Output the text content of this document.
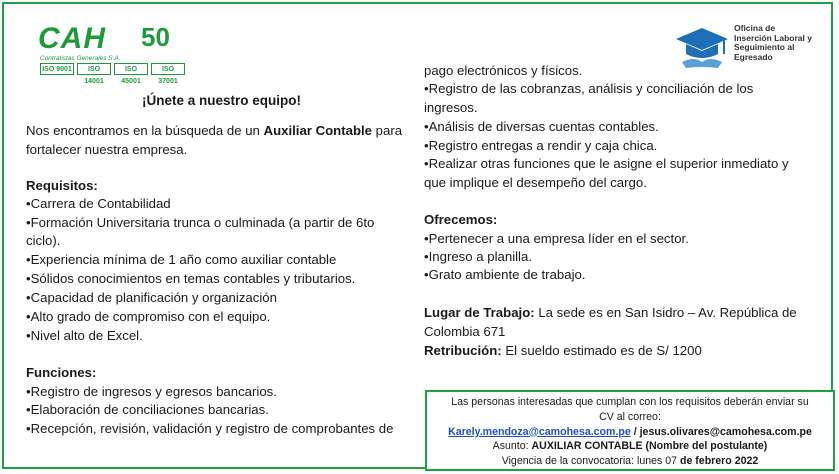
CAH 50
Contratistas Generales S.A.
ISO 9001	ISO 14001
ISO 45001
ISO 37001
Oficina de
Inserción Laboral y
Seguimiento al
Egresado
¡Únete a nuestro equipo!
Nos encontramos en la búsqueda de un Auxiliar Contable para
fortalecer nuestra empresa.
Requisitos:
•Carrera de Contabilidad
•Formación Universitaria trunca o culminada (a partir de 6to
ciclo).
•Experiencia mínima de 1 año como auxiliar contable
•Sólidos conocimientos en temas contables y tributarios.
•Capacidad de planificación y organización
•Alto grado de compromiso con el equipo.
•Nivel alto de Excel.
Funciones:
•Registro de ingresos y egresos bancarios.
•Elaboración de conciliaciones bancarias.
•Recepción, revisión, validación y registro de comprobantes de
pago electrónicos y físicos.
•Registro de las cobranzas, análisis y conciliación de los
ingresos.
•Análisis de diversas cuentas contables.
•Registro entregas a rendir y caja chica.
•Realizar otras funciones que le asigne el superior inmediato y
que implique el desempeño del cargo.
Ofrecemos:
•Pertenecer a una empresa líder en el sector.
•Ingreso a planilla.
•Grato ambiente de trabajo.
Lugar de Trabajo: La sede es en San Isidro – Av. República de
Colombia 671
Retribución: El sueldo estimado es de S/ 1200
Las personas interesadas que cumplan con los requisitos deberán enviar su
CV al correo:
Karely.mendoza@camohesa.com.pe / jesus.olivares@camohesa.com.pe
Asunto: AUXILIAR CONTABLE (Nombre del postulante)
Vigencia de la convocatoria: lunes 07 de febrero 2022
